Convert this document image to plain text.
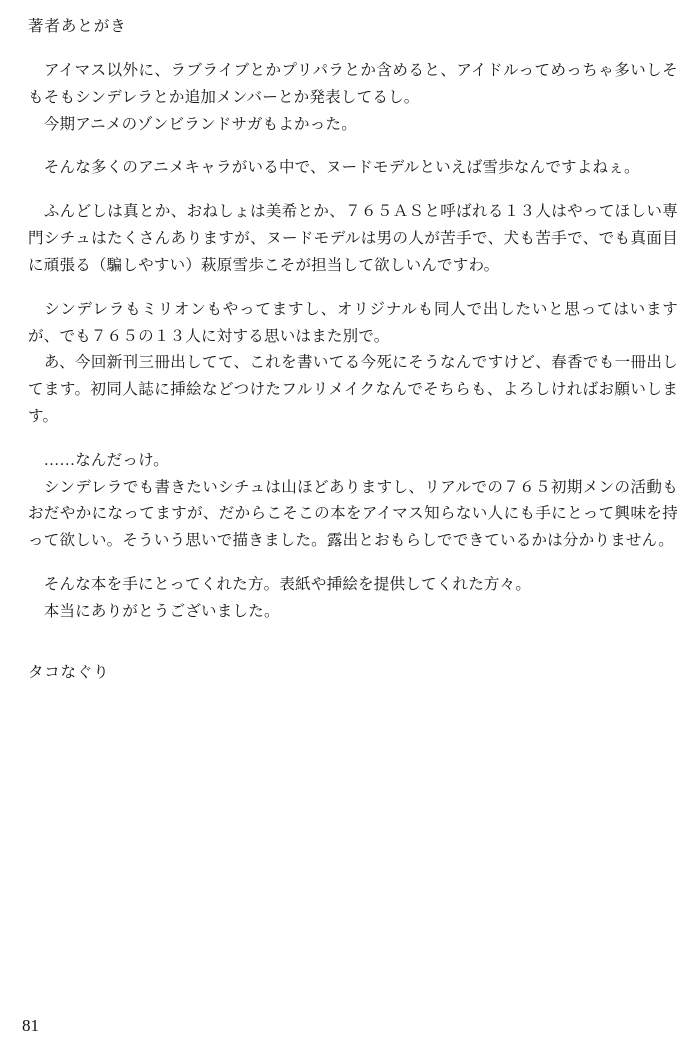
著者あとがき

　アイマス以外に、ラブライブとかプリパラとか含めると、アイドルってめっちゃ多いしそもそもシンデレラとか追加メンバーとか発表してるし。

　今期アニメのゾンビランドサガもよかった。

　そんな多くのアニメキャラがいる中で、ヌードモデルといえば雪歩なんですよねぇ。

　ふんどしは真とか、おねしょは美希とか、７６５ＡＳと呼ばれる１３人はやってほしい専門シチュはたくさんありますが、ヌードモデルは男の人が苦手で、犬も苦手で、でも真面目に頑張る（騙しやすい）萩原雪歩こそが担当して欲しいんですわ。

　シンデレラもミリオンもやってますし、オリジナルも同人で出したいと思ってはいますが、でも７６５の１３人に対する思いはまた別で。

　あ、今回新刊三冊出してて、これを書いてる今死にそうなんですけど、春香でも一冊出してます。初同人誌に挿絵などつけたフルリメイクなんでそちらも、よろしければお願いします。

　……なんだっけ。

　シンデレラでも書きたいシチュは山ほどありますし、リアルでの７６５初期メンの活動もおだやかになってますが、だからこそこの本をアイマス知らない人にも手にとって興味を持って欲しい。そういう思いで描きました。露出とおもらしでできているかは分かりません。

　そんな本を手にとってくれた方。表紙や挿絵を提供してくれた方々。

　本当にありがとうございました。

タコなぐり
81
